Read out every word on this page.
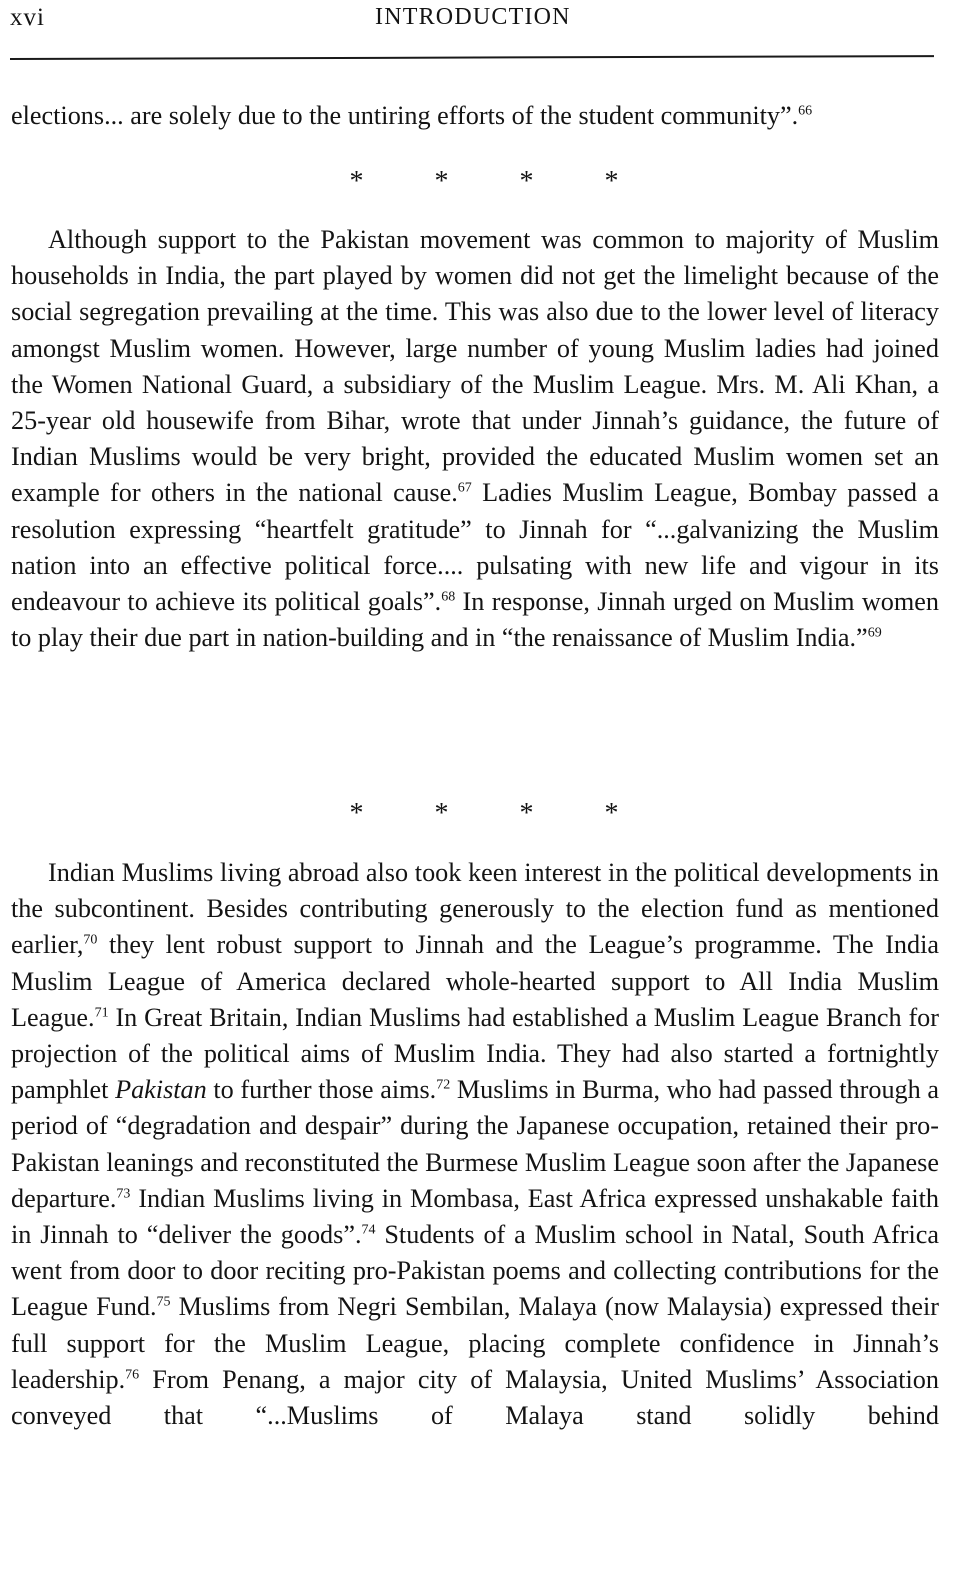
xvi	INTRODUCTION

elections... are solely due to the untiring efforts of the student community”.$^{66}$

* * * *

Although support to the Pakistan movement was common to majority of Muslim households in India, the part played by women did not get the limelight because of the social segregation prevailing at the time. This was also due to the lower level of literacy amongst Muslim women. However, large number of young Muslim ladies had joined the Women National Guard, a subsidiary of the Muslim League. Mrs. M. Ali Khan, a 25-year old housewife from Bihar, wrote that under Jinnah’s guidance, the future of Indian Muslims would be very bright, provided the educated Muslim women set an example for others in the national cause.$^{67}$ Ladies Muslim League, Bombay passed a resolution expressing “heartfelt gratitude” to Jinnah for “...galvanizing the Muslim nation into an effective political force.... pulsating with new life and vigour in its endeavour to achieve its political goals”.$^{68}$ In response, Jinnah urged on Muslim women to play their due part in nation-building and in “the renaissance of Muslim India.”$^{69}$

* * * *

Indian Muslims living abroad also took keen interest in the political developments in the subcontinent. Besides contributing generously to the election fund as mentioned earlier,$^{70}$ they lent robust support to Jinnah and the League’s programme. The India Muslim League of America declared whole-hearted support to All India Muslim League.$^{71}$ In Great Britain, Indian Muslims had established a Muslim League Branch for projection of the political aims of Muslim India. They had also started a fortnightly pamphlet Pakistan to further those aims.$^{72}$ Muslims in Burma, who had passed through a period of “degradation and despair” during the Japanese occupation, retained their pro-Pakistan leanings and reconstituted the Burmese Muslim League soon after the Japanese departure.$^{73}$ Indian Muslims living in Mombasa, East Africa expressed unshakable faith in Jinnah to “deliver the goods”.$^{74}$ Students of a Muslim school in Natal, South Africa went from door to door reciting pro-Pakistan poems and collecting contributions for the League Fund.$^{75}$ Muslims from Negri Sembilan, Malaya (now Malaysia) expressed their full support for the Muslim League, placing complete confidence in Jinnah’s leadership.$^{76}$ From Penang, a major city of Malaysia, United Muslims’ Association conveyed that “...Muslims of Malaya stand solidly behind
